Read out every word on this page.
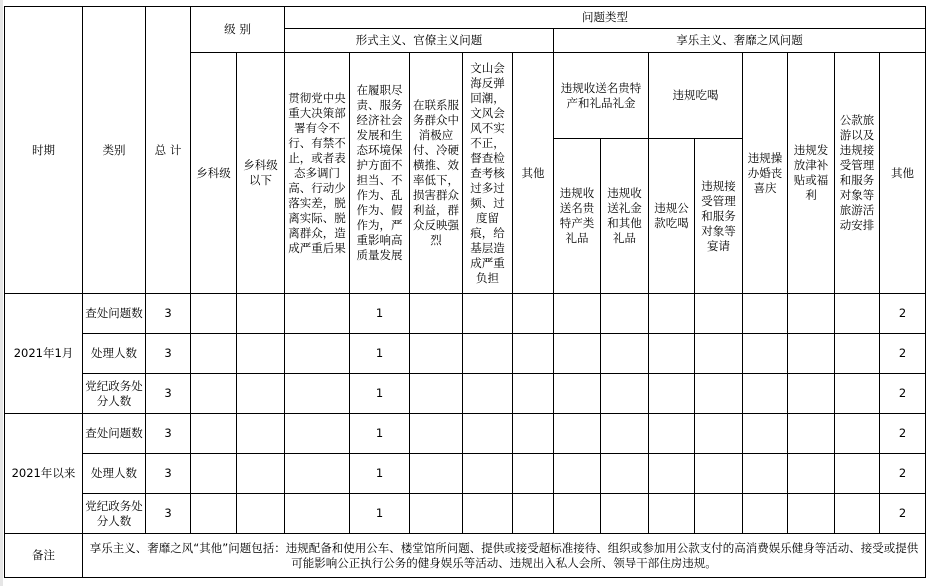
时期	类别	总 计	级 别		问题类型												
					形式主义、官僚主义问题					享乐主义、奢靡之风问题							
			乡科级	乡科级以下	贯彻党中央重大决策部署有令不行、有禁不止，或者表态多调门高、行动少落实差，脱离实际、脱离群众，造成严重后果	在履职尽责、服务经济社会发展和生态环境保护方面不担当、不作为、乱作为、假作为，严重影响高质量发展	在联系服务群众中消极应付、冷硬横推、效率低下，损害群众利益，群众反映强烈	文山会海反弹回潮，文风会风不实不正，督查检查考核过多过频、过度留痕，给基层造成严重负担	其他	违规收送名贵特产和礼品礼金		违规吃喝		违规操办婚丧喜庆	违规发放津补贴或福利	公款旅游以及违规接受管理和服务对象等旅游活动安排	其他
										违规收送名贵特产类礼品	违规收送礼金和其他礼品	违规公款吃喝	违规接受管理和服务对象等宴请				
2021年1月	查处问题数	3				1											2
	处理人数	3				1											2
	党纪政务处分人数	3				1											2
2021年以来	查处问题数	3				1											2
	处理人数	3				1											2
	党纪政务处分人数	3				1											2
备注	享乐主义、奢靡之风“其他”问题包括：违规配备和使用公车、楼堂馆所问题、提供或接受超标准接待、组织或参加用公款支付的高消费娱乐健身等活动、接受或提供可能影响公正执行公务的健身娱乐等活动、违规出入私人会所、领导干部住房违规。																
